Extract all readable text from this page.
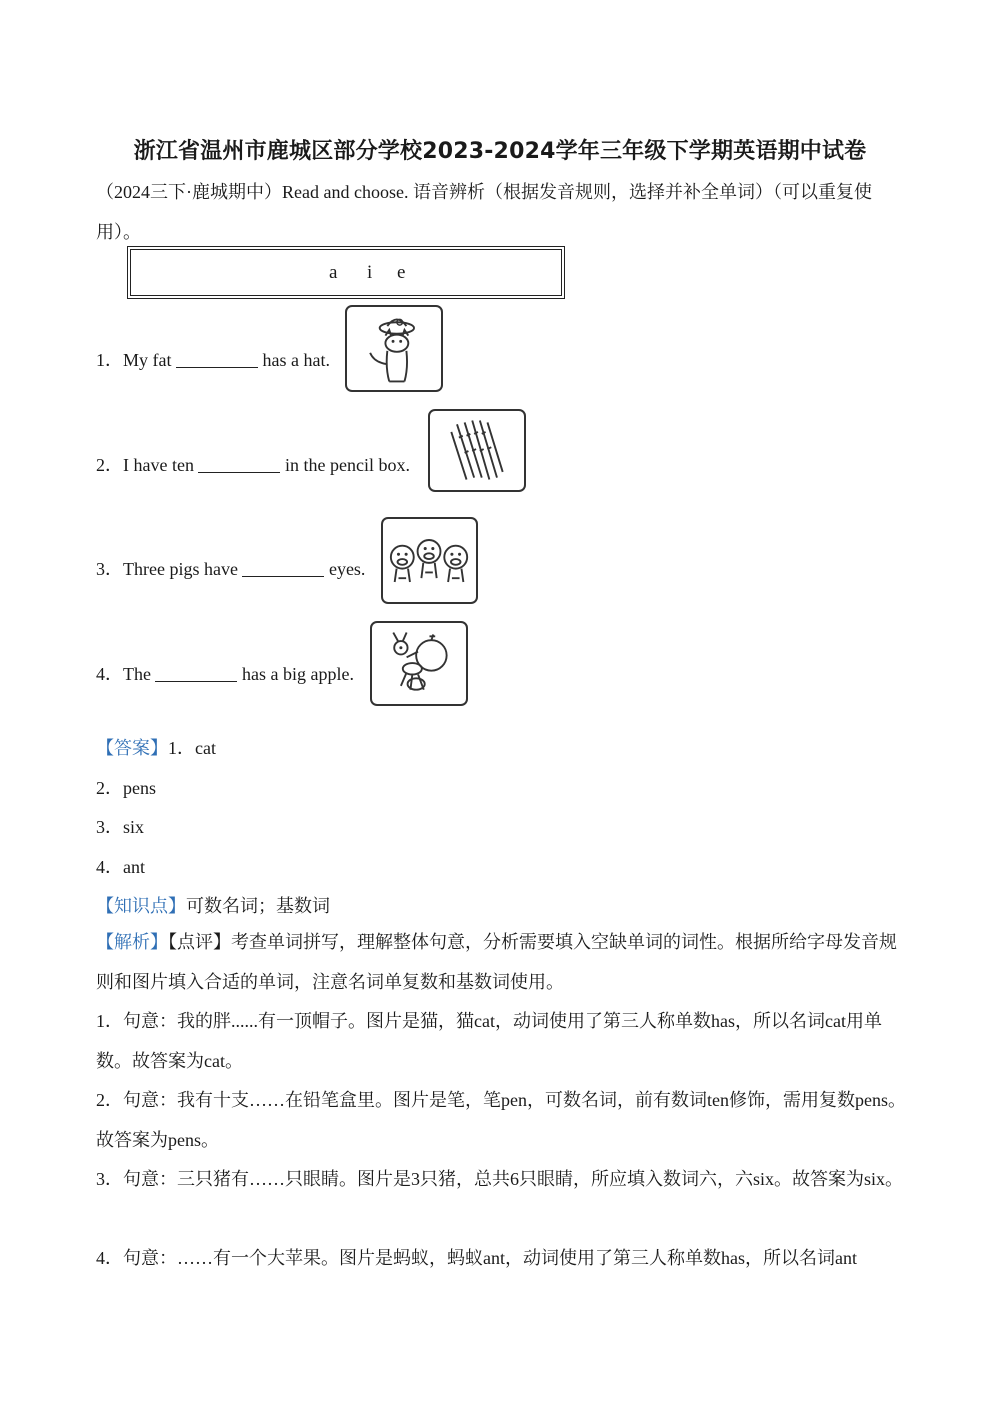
浙江省温州市鹿城区部分学校2023-2024学年三年级下学期英语期中试卷
（2024三下·鹿城期中）Read and choose. 语音辨析（根据发音规则，选择并补全单词）（可以重复使用）。
a i e
1．My fat	has a hat.
2．I have ten	in the pencil box.
3．Three pigs have	eyes.
4．The	has a big apple.
【答案】1．cat
2．pens
3．six
4．ant
【知识点】可数名词；基数词
【解析】【点评】考查单词拼写，理解整体句意，分析需要填入空缺单词的词性。根据所给字母发音规则和图片填入合适的单词，注意名词单复数和基数词使用。
1．句意：我的胖......有一顶帽子。图片是猫，猫cat，动词使用了第三人称单数has，所以名词cat用单数。故答案为cat。
2．句意：我有十支……在铅笔盒里。图片是笔，笔pen，可数名词，前有数词ten修饰，需用复数pens。故答案为pens。
3．句意：三只猪有……只眼睛。图片是3只猪，总共6只眼睛，所应填入数词六，六six。故答案为six。
4．句意：……有一个大苹果。图片是蚂蚁，蚂蚁ant，动词使用了第三人称单数has，所以名词ant
